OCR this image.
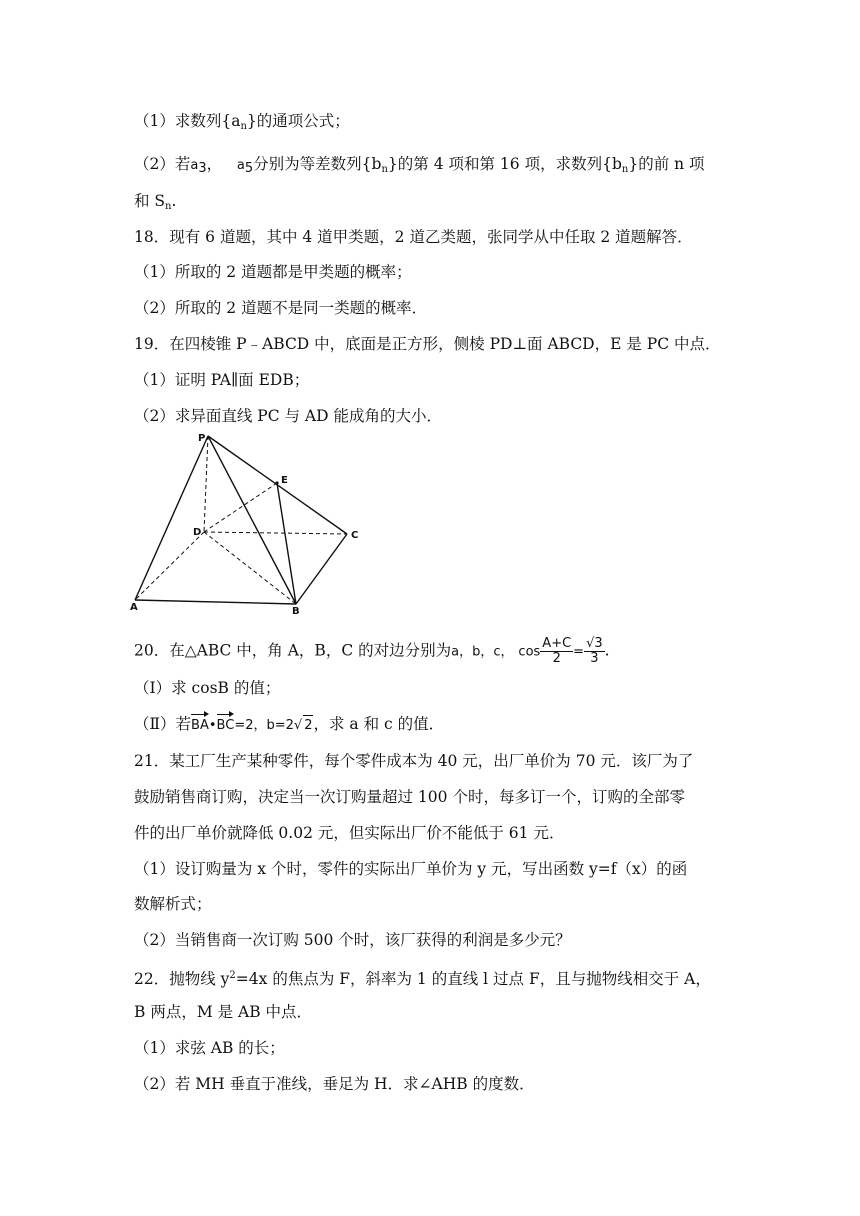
（1）求数列$\{a_n\}$的通项公式；
（2）若$a_3$， $a_5$分别为等差数列$\{b_n\}$的第 4 项和第 16 项，求数列$\{b_n\}$的前 n 项
和 $S_n$.
18．现有 6 道题，其中 4 道甲类题，2 道乙类题，张同学从中任取 2 道题解答．
（1）所取的 2 道题都是甲类题的概率；
（2）所取的 2 道题不是同一类题的概率．
19．在四棱锥 P﹣ABCD 中，底面是正方形，侧棱 PD⊥面 ABCD，E 是 PC 中点．
（1）证明 PA∥面 EDB；
（2）求异面直线 PC 与 AD 能成角的大小．
P
E
D	C
A	B
20．在△ABC 中，角 A，B，C 的对边分别为a，b，c， $\cos \frac{A+C}{2} = \frac{√3}{3}$ .
（Ⅰ）求 cosB 的值；
（Ⅱ）若BA•BC=2，b=2√ 2，求 a 和 c 的值．
21．某工厂生产某种零件，每个零件成本为 40 元，出厂单价为 70 元．该厂为了
鼓励销售商订购，决定当一次订购量超过 100 个时，每多订一个，订购的全部零
件的出厂单价就降低 0.02 元，但实际出厂价不能低于 61 元．
（1）设订购量为 x 个时，零件的实际出厂单价为 y 元，写出函数 y=f（x）的函
数解析式；
（2）当销售商一次订购 500 个时，该厂获得的利润是多少元？
22．抛物线 $y^2=4x$ 的焦点为 F，斜率为 1 的直线 l 过点 F，且与抛物线相交于 A，
B 两点，M 是 AB 中点．
（1）求弦 AB 的长；
（2）若 MH 垂直于准线，垂足为 H．求∠AHB 的度数．
